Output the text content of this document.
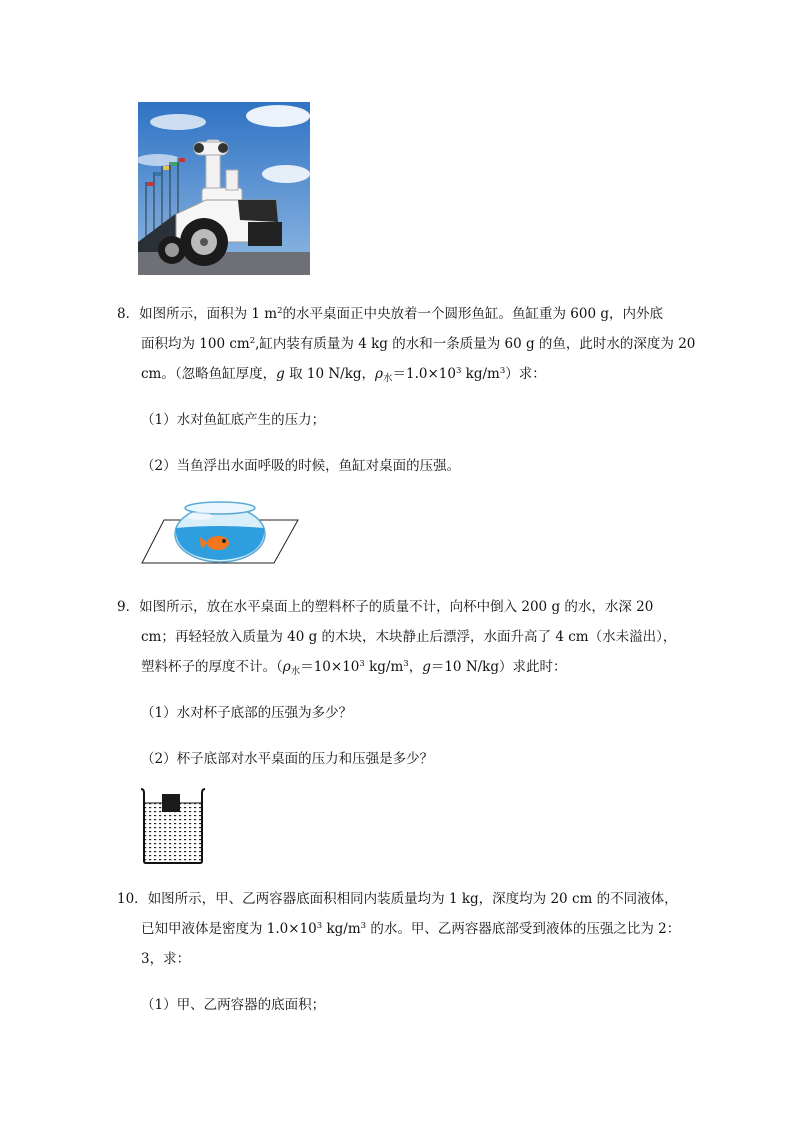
8．如图所示，面积为 1 $m^2$的水平桌面正中央放着一个圆形鱼缸。鱼缸重为 600 g，内外底
面积均为 100 $cm^2$,缸内装有质量为 4 kg 的水和一条质量为 60 g 的鱼，此时水的深度为 20
cm。（忽略鱼缸厚度，g 取 10 N/kg，$\rho_水=1.0\times 10^3$ $kg/m^3$）求：
（1）水对鱼缸底产生的压力；
（2）当鱼浮出水面呼吸的时候，鱼缸对桌面的压强。
9．如图所示，放在水平桌面上的塑料杯子的质量不计，向杯中倒入 200 g 的水，水深 20
cm；再轻轻放入质量为 40 g 的木块，木块静止后漂浮，水面升高了 4 cm（水未溢出），
塑料杯子的厚度不计。（$\rho_水=10\times 10^3$ $kg/m^3$，g＝10 N/kg）求此时：
（1）水对杯子底部的压强为多少？
（2）杯子底部对水平桌面的压力和压强是多少？
10．如图所示，甲、乙两容器底面积相同内装质量均为 1 kg，深度均为 20 cm 的不同液体，
已知甲液体是密度为 $1.0\times 10^3$ $kg/m^3$ 的水。甲、乙两容器底部受到液体的压强之比为 2：
3，求：
（1）甲、乙两容器的底面积；
